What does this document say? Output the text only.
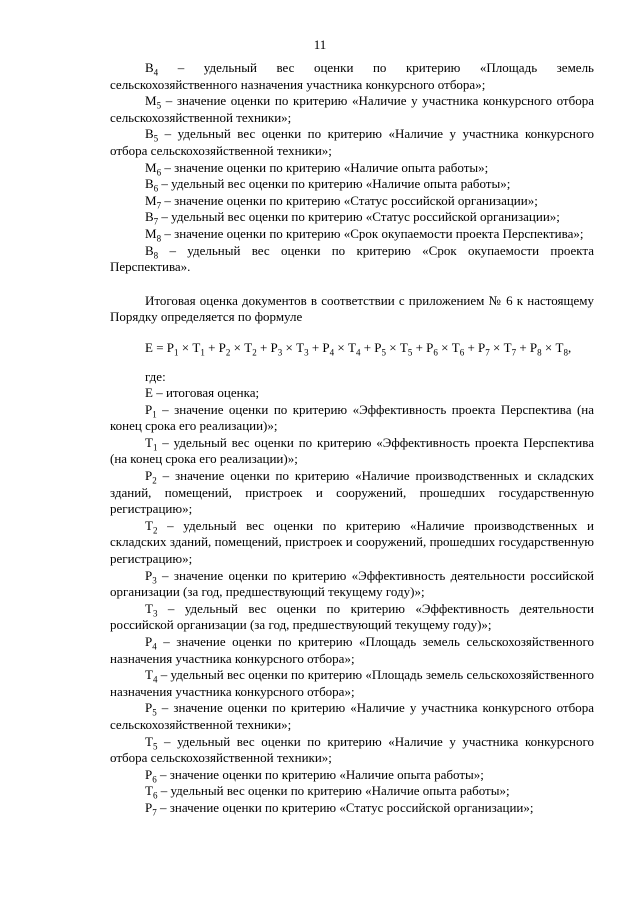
11

$В_4$ – удельный вес оценки по критерию «Площадь земель сельскохозяйственного назначения участника конкурсного отбора»;

$М_5$ – значение оценки по критерию «Наличие у участника конкурсного отбора сельскохозяйственной техники»;

$В_5$ – удельный вес оценки по критерию «Наличие у участника конкурсного отбора сельскохозяйственной техники»;

$М_6$ – значение оценки по критерию «Наличие опыта работы»;

$В_6$ – удельный вес оценки по критерию «Наличие опыта работы»;

$М_7$ – значение оценки по критерию «Статус российской организации»;

$В_7$ – удельный вес оценки по критерию «Статус российской организации»;

$М_8$ – значение оценки по критерию «Срок окупаемости проекта Перспектива»;

$В_8$ – удельный вес оценки по критерию «Срок окупаемости проекта Перспектива».

Итоговая оценка документов в соответствии с приложением № 6 к настоящему Порядку определяется по формуле

$Е = Р_1 \times Т_1 + Р_2 \times Т_2 + Р_3 \times Т_3 + Р_4 \times Т_4 + Р_5 \times Т_5 + Р_6 \times Т_6 + Р_7 \times Т_7 + Р_8 \times Т_8$,

где:

Е – итоговая оценка;

$Р_1$ – значение оценки по критерию «Эффективность проекта Перспектива (на конец срока его реализации)»;

$Т_1$ – удельный вес оценки по критерию «Эффективность проекта Перспектива (на конец срока его реализации)»;

$Р_2$ – значение оценки по критерию «Наличие производственных и складских зданий, помещений, пристроек и сооружений, прошедших государственную регистрацию»;

$Т_2$ – удельный вес оценки по критерию «Наличие производственных и складских зданий, помещений, пристроек и сооружений, прошедших государственную регистрацию»;

$Р_3$ – значение оценки по критерию «Эффективность деятельности российской организации (за год, предшествующий текущему году)»;

$Т_3$ – удельный вес оценки по критерию «Эффективность деятельности российской организации (за год, предшествующий текущему году)»;

$Р_4$ – значение оценки по критерию «Площадь земель сельскохозяйственного назначения участника конкурсного отбора»;

$Т_4$ – удельный вес оценки по критерию «Площадь земель сельскохозяйственного назначения участника конкурсного отбора»;

$Р_5$ – значение оценки по критерию «Наличие у участника конкурсного отбора сельскохозяйственной техники»;

$Т_5$ – удельный вес оценки по критерию «Наличие у участника конкурсного отбора сельскохозяйственной техники»;

$Р_6$ – значение оценки по критерию «Наличие опыта работы»;

$Т_6$ – удельный вес оценки по критерию «Наличие опыта работы»;

$Р_7$ – значение оценки по критерию «Статус российской организации»;
